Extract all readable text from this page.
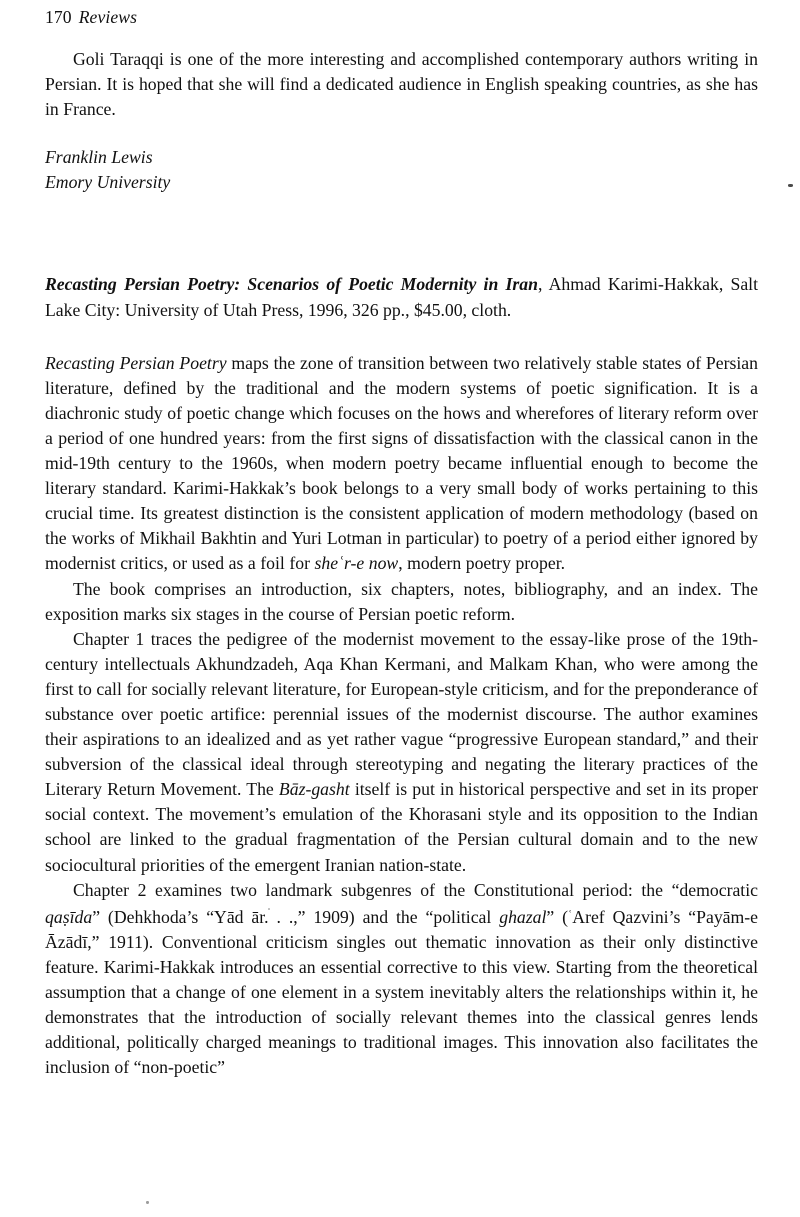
170 Reviews

Goli Taraqqi is one of the more interesting and accomplished contemporary authors writing in Persian. It is hoped that she will find a dedicated audience in English speaking countries, as she has in France.

Franklin Lewis
Emory University

Recasting Persian Poetry: Scenarios of Poetic Modernity in Iran, Ahmad Karimi-Hakkak, Salt Lake City: University of Utah Press, 1996, 326 pp., $45.00, cloth.

Recasting Persian Poetry maps the zone of transition between two relatively stable states of Persian literature, defined by the traditional and the modern systems of poetic signification. It is a diachronic study of poetic change which focuses on the hows and wherefores of literary reform over a period of one hundred years: from the first signs of dissatisfaction with the classical canon in the mid-19th century to the 1960s, when modern poetry became influential enough to become the literary standard. Karimi-Hakkak’s book belongs to a very small body of works pertaining to this crucial time. Its greatest distinction is the consistent application of modern methodology (based on the works of Mikhail Bakhtin and Yuri Lotman in particular) to poetry of a period either ignored by modernist critics, or used as a foil for sheʿr-e now, modern poetry proper.

The book comprises an introduction, six chapters, notes, bibliography, and an index. The exposition marks six stages in the course of Persian poetic reform.

Chapter 1 traces the pedigree of the modernist movement to the essay-like prose of the 19th-century intellectuals Akhundzadeh, Aqa Khan Kermani, and Malkam Khan, who were among the first to call for socially relevant literature, for European-style criticism, and for the preponderance of substance over poetic artifice: perennial issues of the modernist discourse. The author examines their aspirations to an idealized and as yet rather vague “progressive European standard,” and their subversion of the classical ideal through stereotyping and negating the literary practices of the Literary Return Movement. The Bāz-gasht itself is put in historical perspective and set in its proper social context. The movement’s emulation of the Khorasani style and its opposition to the Indian school are linked to the gradual fragmentation of the Persian cultural domain and to the new sociocultural priorities of the emergent Iranian nation-state.

Chapter 2 examines two landmark subgenres of the Constitutional period: the “democratic qaṣīda” (Dehkhoda’s “Yād ār. . .,” 1909) and the “political ghazal” ($^ʿ$Aref Qazvini’s “Payām-e Āzādī,” 1911). Conventional criticism singles out thematic innovation as their only distinctive feature. Karimi-Hakkak introduces an essential corrective to this view. Starting from the theoretical assumption that a change of one element in a system inevitably alters the relationships within it, he demonstrates that the introduction of socially relevant themes into the classical genres lends additional, politically charged meanings to traditional images. This innovation also facilitates the inclusion of “non-poetic”
